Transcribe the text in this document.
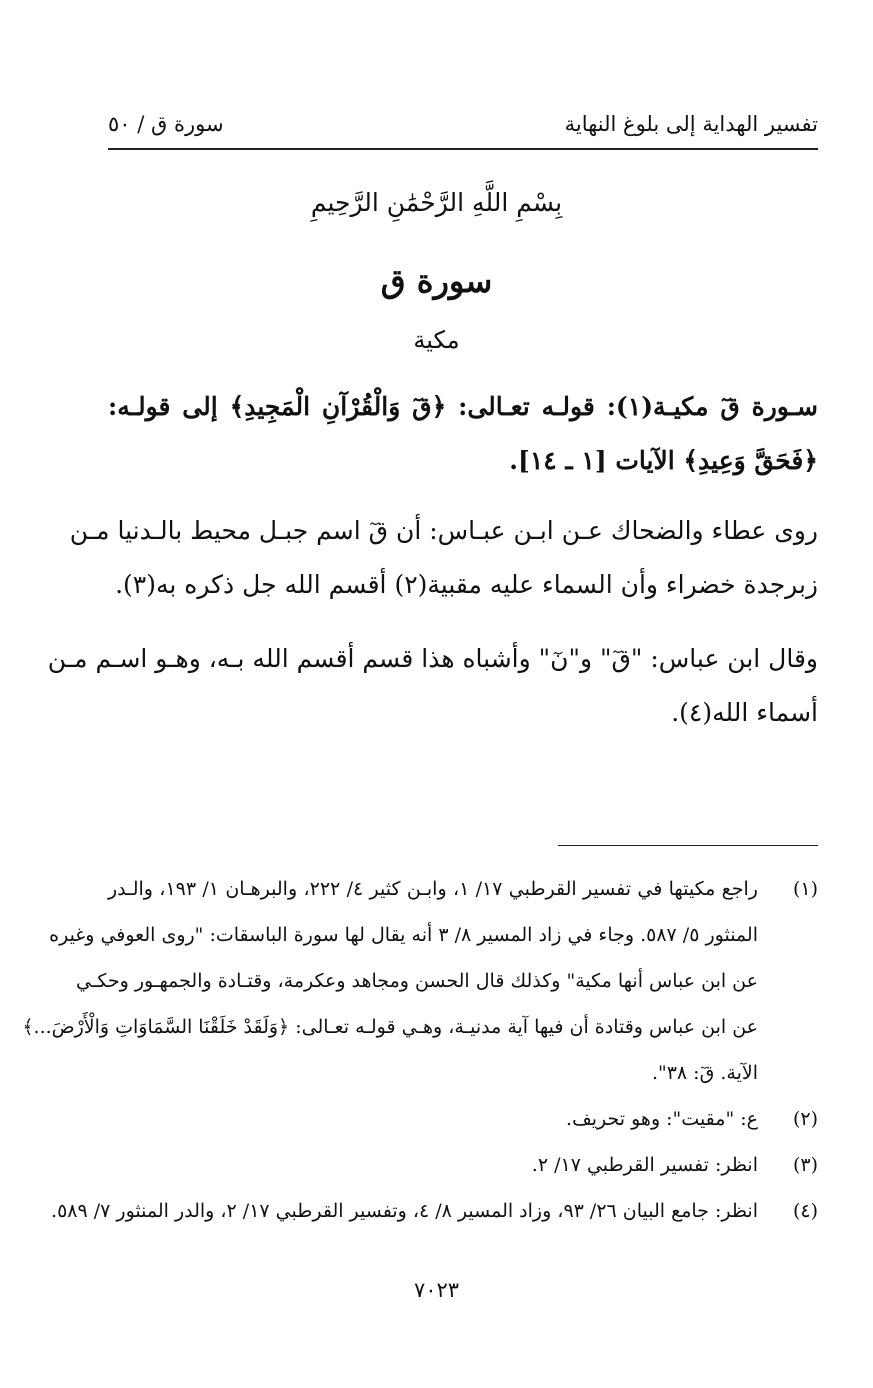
تفسير الهداية إلى بلوغ النهاية
سورة ق / ٥٠
بِسْمِ اللَّهِ الرَّحْمَٰنِ الرَّحِيمِ
سورة ق
مكية
سـورة قٓ مكيـة(١): قولـه تعـالى: ﴿قٓ وَالْقُرْآنِ الْمَجِيدِ﴾ إلى قولـه:
﴿فَحَقَّ وَعِيدِ﴾ الآيات [١ ـ ١٤].
روى عطاء والضحاك عـن ابـن عبـاس: أن قٓ اسم جبـل محيط بالـدنيا مـن
زبرجدة خضراء وأن السماء عليه مقبية(٢) أقسم الله جل ذكره به(٣).
وقال ابن عباس: "قٓ" و"نٓ" وأشباه هذا قسم أقسم الله بـه، وهـو اسـم مـن
أسماء الله(٤).
(١)
راجع مكيتها في تفسير القرطبي ١٧/ ١، وابـن كثير ٤/ ٢٢٢، والبرهـان ١/ ١٩٣، والـدر
المنثور ٥/ ٥٨٧. وجاء في زاد المسير ٨/ ٣ أنه يقال لها سورة الباسقات: "روى العوفي وغيره
عن ابن عباس أنها مكية" وكذلك قال الحسن ومجاهد وعكرمة، وقتـادة والجمهـور وحكـي
عن ابن عباس وقتادة أن فيها آية مدنيـة، وهـي قولـه تعـالى: ﴿وَلَقَدْ خَلَقْنَا السَّمَاوَاتِ وَالْأَرْضَ...﴾
الآية. قٓ: ٣٨".
(٢)
ع: "مقيت": وهو تحريف.
(٣)
انظر: تفسير القرطبي ١٧/ ٢.
(٤)
انظر: جامع البيان ٢٦/ ٩٣، وزاد المسير ٨/ ٤، وتفسير القرطبي ١٧/ ٢، والدر المنثور ٧/ ٥٨٩.
٧٠٢٣
